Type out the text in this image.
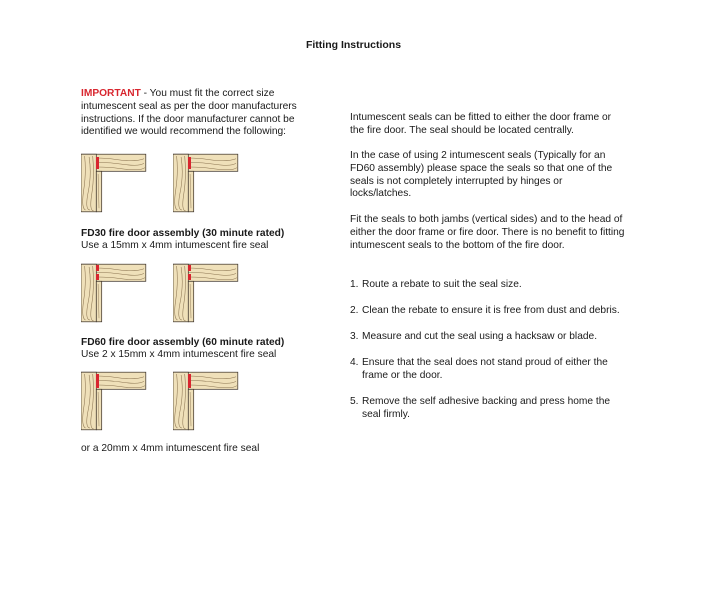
Fitting Instructions
IMPORTANT - You must fit the correct size intumescent seal as per the door manufacturers instructions. If the door manufacturer cannot be identified we would recommend the following:
FD30 fire door assembly (30 minute rated)
Use a 15mm x 4mm intumescent fire seal
FD60 fire door assembly (60 minute rated)
Use 2 x 15mm x 4mm intumescent fire seal
or a 20mm x 4mm intumescent fire seal
Intumescent seals can be fitted to either the door frame or the fire door. The seal should be located centrally.
In the case of using 2 intumescent seals (Typically for an FD60 assembly) please space the seals so that one of the seals is not completely interrupted by hinges or locks/latches.
Fit the seals to both jambs (vertical sides) and to the head of either the door frame or fire door. There is no benefit to fitting intumescent seals to the bottom of the fire door.
1. Route a rebate to suit the seal size.
2. Clean the rebate to ensure it is free from dust and debris.
3. Measure and cut the seal using a hacksaw or blade.
4. Ensure that the seal does not stand proud of either the frame or the door.
5. Remove the self adhesive backing and press home the seal firmly.
